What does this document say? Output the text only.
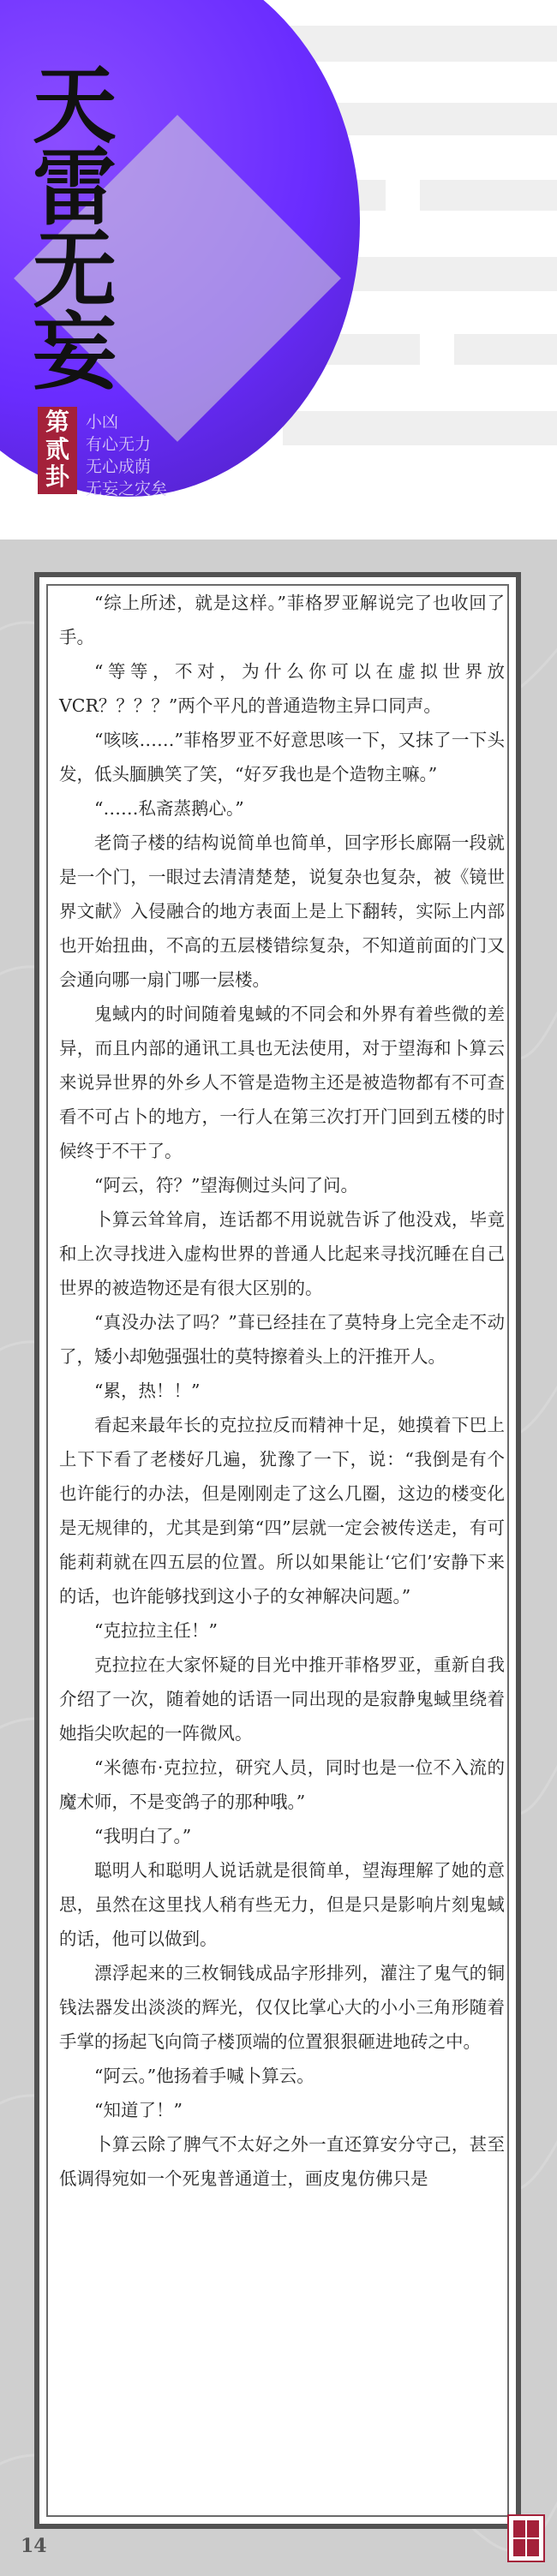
天
雷
无
妄
第贰卦
小凶
有心无力
无心成荫
无妄之灾矣

“综上所述，就是这样。”菲格罗亚解说完了也收回了手。

“等等，不对，为什么你可以在虚拟世界放VCR？？？？”两个平凡的普通造物主异口同声。

“咳咳……”菲格罗亚不好意思咳一下，又抹了一下头发，低头腼腆笑了笑，“好歹我也是个造物主嘛。”

“……私斋蒸鹅心。”

老筒子楼的结构说简单也简单，回字形长廊隔一段就是一个门，一眼过去清清楚楚，说复杂也复杂，被《镜世界文献》入侵融合的地方表面上是上下翻转，实际上内部也开始扭曲，不高的五层楼错综复杂，不知道前面的门又会通向哪一扇门哪一层楼。

鬼蜮内的时间随着鬼蜮的不同会和外界有着些微的差异，而且内部的通讯工具也无法使用，对于望海和卜算云来说异世界的外乡人不管是造物主还是被造物都有不可查看不可占卜的地方，一行人在第三次打开门回到五楼的时候终于不干了。

“阿云，符？”望海侧过头问了问。

卜算云耸耸肩，连话都不用说就告诉了他没戏，毕竟和上次寻找进入虚构世界的普通人比起来寻找沉睡在自己世界的被造物还是有很大区别的。

“真没办法了吗？”葺已经挂在了莫特身上完全走不动了，矮小却勉强强壮的莫特擦着头上的汗推开人。

“累，热！！”

看起来最年长的克拉拉反而精神十足，她摸着下巴上上下下看了老楼好几遍，犹豫了一下，说：“我倒是有个也许能行的办法，但是刚刚走了这么几圈，这边的楼变化是无规律的，尤其是到第“四”层就一定会被传送走，有可能莉莉就在四五层的位置。所以如果能让‘它们’安静下来的话，也许能够找到这小子的女神解决问题。”

“克拉拉主任！”

克拉拉在大家怀疑的目光中推开菲格罗亚，重新自我介绍了一次，随着她的话语一同出现的是寂静鬼蜮里绕着她指尖吹起的一阵微风。

“米德布·克拉拉，研究人员，同时也是一位不入流的魔术师，不是变鸽子的那种哦。”

“我明白了。”

聪明人和聪明人说话就是很简单，望海理解了她的意思，虽然在这里找人稍有些无力，但是只是影响片刻鬼蜮的话，他可以做到。

漂浮起来的三枚铜钱成品字形排列，灌注了鬼气的铜钱法器发出淡淡的辉光，仅仅比掌心大的小小三角形随着手掌的扬起飞向筒子楼顶端的位置狠狠砸进地砖之中。

“阿云。”他扬着手喊卜算云。

“知道了！”

卜算云除了脾气不太好之外一直还算安分守己，甚至低调得宛如一个死鬼普通道士，画皮鬼仿佛只是

14
